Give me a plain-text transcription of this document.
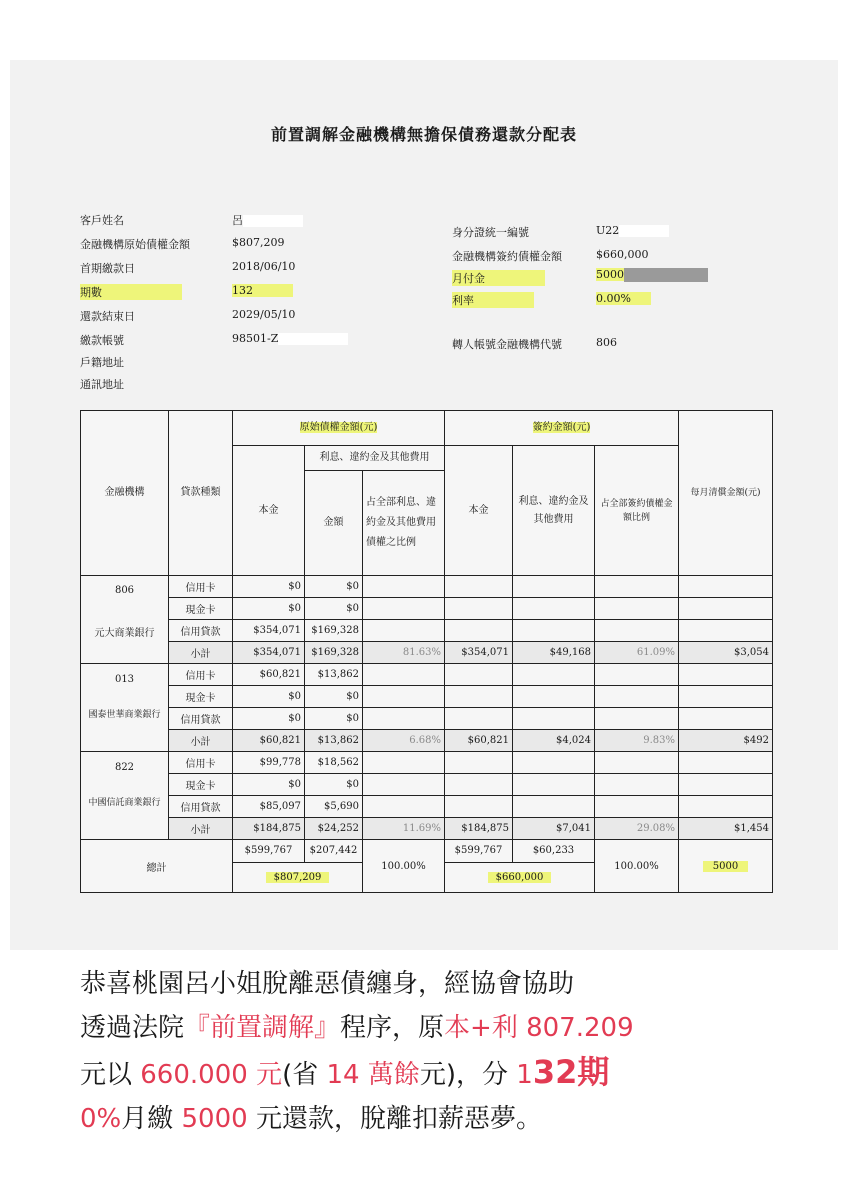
前置調解金融機構無擔保債務還款分配表
客戶姓名	呂
金融機構原始債權金額	$807,209
首期繳款日	2018/06/10
期數	132
還款結束日	2029/05/10
繳款帳號	98501-Z
戶籍地址
通訊地址
身分證統一編號	U22
金融機構簽約債權金額	$660,000
月付金	5000
利率	0.00%
轉人帳號金融機構代號	806
金融機構	貸款種類	原始債權金額(元)			簽約金額(元)			每月清償金額(元)
		本金	利息、違約金及其他費用		本金	利息、違約金及其他費用	占全部簽約債權金額比例	
			金額	占全部利息、違約金及其他費用債權之比例				

806
元大商業銀行	信用卡	$0	$0					
	現金卡	$0	$0					
	信用貸款	$354,071	$169,328					
	小計	$354,071	$169,328	81.63%	$354,071	$49,168	61.09%	$3,054

013
國泰世華商業銀行	信用卡	$60,821	$13,862					
	現金卡	$0	$0					
	信用貸款	$0	$0					
	小計	$60,821	$13,862	6.68%	$60,821	$4,024	9.83%	$492

822
中國信託商業銀行	信用卡	$99,778	$18,562					
	現金卡	$0	$0					
	信用貸款	$85,097	$5,690					
	小計	$184,875	$24,252	11.69%	$184,875	$7,041	29.08%	$1,454
總計		$599,767	$207,442	100.00%	$599,767	$60,233	100.00%	5000
		$807,209			$660,000			
恭喜桃園呂小姐脫離惡債纏身，經協會協助
透過法院『前置調解』程序，原本+利 807.209
元以 660.000 元(省 14 萬餘元)，分 132期
0%月繳 5000 元還款，脫離扣薪惡夢。
